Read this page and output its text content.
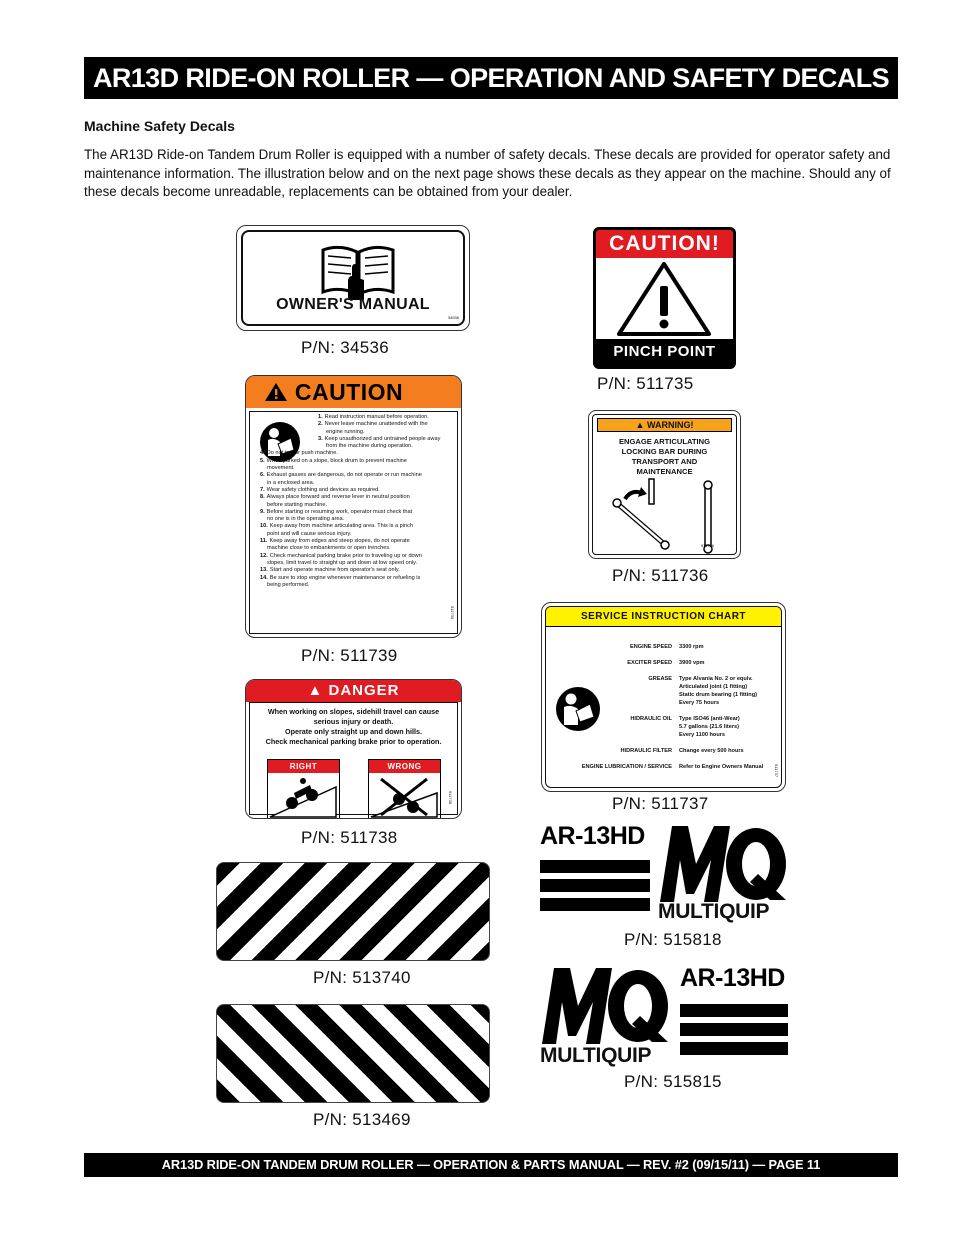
AR13D RIDE-ON ROLLER — OPERATION AND SAFETY DECALS
Machine Safety Decals
The AR13D Ride-on Tandem Drum Roller is equipped with a number of safety decals. These decals are provided for operator safety and maintenance information. The illustration below and on the next page shows these decals as they appear on the machine. Should any of these decals become unreadable, replacements can be obtained from your dealer.
OWNER'S MANUAL
34536
P/N: 34536
CAUTION!
PINCH POINT
P/N: 511735
CAUTION
1. Read instruction manual before operation.
2. Never leave machine unattended with the
engine running.
3. Keep unauthorized and untrained people away
from the machine during operation.
4. Do not tow or push machine.
5. When parked on a slope, block drum to prevent machine
movement.
6. Exhaust gasses are dangerous, do not operate or run machine
in a enclosed area.
7. Wear safety clothing and devices as required.
8. Always place forward and reverse lever in neutral position
before starting machine.
9. Before starting or resuming work, operator must check that
no one is in the operating area.
10. Keep away from machine articulating area. This is a pinch
point and will cause serious injury.
11. Keep away from edges and steep slopes, do not operate
machine close to embankments or open trenches.
12. Check mechanical parking brake prior to traveling up or down
slopes, limit travel to straight up and down at low speed only.
13. Start and operate machine from operator's seat only.
14. Be sure to stop engine whenever maintenance or refueling is
being performed.
511739
P/N: 511739
▲ WARNING!
ENGAGE ARTICULATING
LOCKING BAR DURING
TRANSPORT AND
MAINTENANCE
511736
P/N: 511736
SERVICE INSTRUCTION CHART
ENGINE SPEED 3300 rpm
EXCITER SPEED 3900 vpm
GREASE Type Alvania No. 2 or equiv.
Articulated joint (1 fitting)
Static drum bearing (1 fitting)
Every 75 hours
HIDRAULIC OIL Type ISO46 (anti-Wear)
5.7 gallons (21.6 liters)
Every 1100 hours
HIDRAULIC FILTER Change every 500 hours
ENGINE LUBRICATION / SERVICE Refer to Engine Owners Manual	511737
P/N: 511737
▲ DANGER
When working on slopes, sidehill travel can cause
serious injury or death.
Operate only straight up and down hills.
Check mechanical parking brake prior to operation.
RIGHT	WRONG
511738
P/N: 511738
P/N: 513740
P/N: 513469
AR-13HD
MULTIQUIP
P/N: 515818
MULTIQUIP
AR-13HD
P/N: 515815
AR13D RIDE-ON TANDEM DRUM ROLLER — OPERATION & PARTS MANUAL — REV. #2 (09/15/11) — PAGE 11
